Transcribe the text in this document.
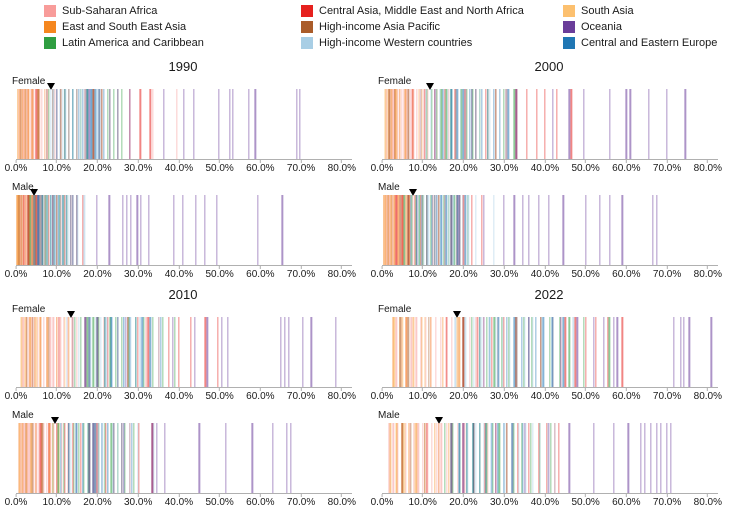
Sub-Saharan Africa
East and South East Asia
Latin America and Caribbean
Central Asia, Middle East and North Africa
High-income Asia Pacific
High-income Western countries
South Asia
Oceania
Central and Eastern Europe
1990
Female
0.0% 10.0% 20.0% 30.0% 40.0% 50.0% 60.0% 70.0% 80.0%
Male
0.0% 10.0% 20.0% 30.0% 40.0% 50.0% 60.0% 70.0% 80.0%
2000
Female
0.0% 10.0% 20.0% 30.0% 40.0% 50.0% 60.0% 70.0% 80.0%
Male
0.0% 10.0% 20.0% 30.0% 40.0% 50.0% 60.0% 70.0% 80.0%
2010
Female
0.0% 10.0% 20.0% 30.0% 40.0% 50.0% 60.0% 70.0% 80.0%
Male
0.0% 10.0% 20.0% 30.0% 40.0% 50.0% 60.0% 70.0% 80.0%
2022
Female
0.0% 10.0% 20.0% 30.0% 40.0% 50.0% 60.0% 70.0% 80.0%
Male
0.0% 10.0% 20.0% 30.0% 40.0% 50.0% 60.0% 70.0% 80.0%
